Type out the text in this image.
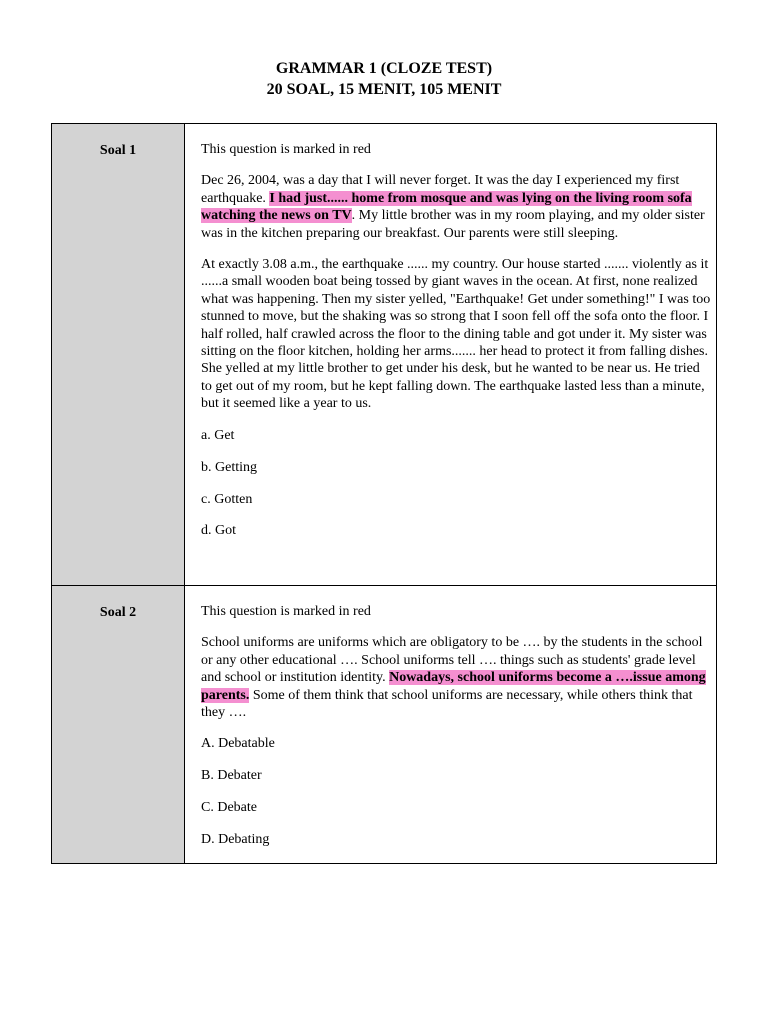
GRAMMAR 1 (CLOZE TEST)
20 SOAL, 15 MENIT, 105 MENIT
Soal 1	This question is marked in red

Dec 26, 2004, was a day that I will never forget. It was the day I experienced my first earthquake. I had just...... home from mosque and was lying on the living room sofa watching the news on TV. My little brother was in my room playing, and my older sister was in the kitchen preparing our breakfast. Our parents were still sleeping.

At exactly 3.08 a.m., the earthquake ...... my country. Our house started ....... violently as it ......a small wooden boat being tossed by giant waves in the ocean. At first, none realized what was happening. Then my sister yelled, "Earthquake! Get under something!" I was too stunned to move, but the shaking was so strong that I soon fell off the sofa onto the floor. I half rolled, half crawled across the floor to the dining table and got under it. My sister was sitting on the floor kitchen, holding her arms....... her head to protect it from falling dishes. She yelled at my little brother to get under his desk, but he wanted to be near us. He tried to get out of my room, but he kept falling down. The earthquake lasted less than a minute, but it seemed like a year to us.

a. Get

b. Getting

c. Gotten

d. Got

Soal 2	This question is marked in red

School uniforms are uniforms which are obligatory to be …. by the students in the school or any other educational …. School uniforms tell …. things such as students' grade level and school or institution identity. Nowadays, school uniforms become a ….issue among parents. Some of them think that school uniforms are necessary, while others think that they ….

A. Debatable

B. Debater

C. Debate

D. Debating
